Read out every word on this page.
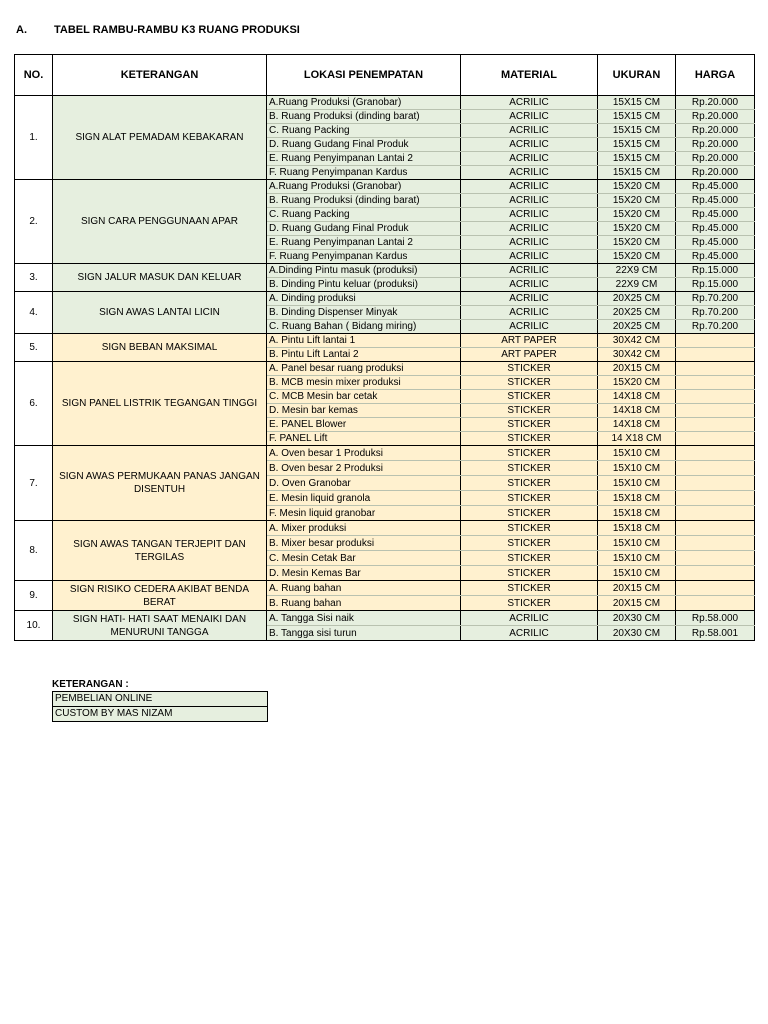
A. TABEL RAMBU-RAMBU K3 RUANG PRODUKSI
NO.	KETERANGAN	LOKASI PENEMPATAN	MATERIAL	UKURAN	HARGA
1.	SIGN ALAT PEMADAM KEBAKARAN	A.Ruang Produksi (Granobar)	ACRILIC	15X15 CM	Rp.20.000
		B. Ruang Produksi (dinding barat)	ACRILIC	15X15 CM	Rp.20.000
		C. Ruang Packing	ACRILIC	15X15 CM	Rp.20.000
		D. Ruang Gudang Final Produk	ACRILIC	15X15 CM	Rp.20.000
		E. Ruang Penyimpanan Lantai 2	ACRILIC	15X15 CM	Rp.20.000
		F. Ruang Penyimpanan Kardus	ACRILIC	15X15 CM	Rp.20.000
2.	SIGN CARA PENGGUNAAN APAR	A.Ruang Produksi (Granobar)	ACRILIC	15X20 CM	Rp.45.000
		B. Ruang Produksi (dinding barat)	ACRILIC	15X20 CM	Rp.45.000
		C. Ruang Packing	ACRILIC	15X20 CM	Rp.45.000
		D. Ruang Gudang Final Produk	ACRILIC	15X20 CM	Rp.45.000
		E. Ruang Penyimpanan Lantai 2	ACRILIC	15X20 CM	Rp.45.000
		F. Ruang Penyimpanan Kardus	ACRILIC	15X20 CM	Rp.45.000
3.	SIGN JALUR MASUK DAN KELUAR	A.Dinding Pintu masuk (produksi)	ACRILIC	22X9 CM	Rp.15.000
		B. Dinding Pintu keluar (produksi)	ACRILIC	22X9 CM	Rp.15.000
4.	SIGN AWAS LANTAI LICIN	A. Dinding produksi	ACRILIC	20X25 CM	Rp.70.200
		B. Dinding Dispenser Minyak	ACRILIC	20X25 CM	Rp.70.200
		C. Ruang Bahan ( Bidang miring)	ACRILIC	20X25 CM	Rp.70.200
5.	SIGN BEBAN MAKSIMAL	A. Pintu Lift lantai 1	ART PAPER	30X42 CM	
		B. Pintu Lift Lantai 2	ART PAPER	30X42 CM	
6.	SIGN PANEL LISTRIK TEGANGAN TINGGI	A. Panel besar ruang produksi	STICKER	20X15 CM	
		B. MCB mesin mixer produksi	STICKER	15X20 CM	
		C. MCB Mesin bar cetak	STICKER	14X18 CM	
		D. Mesin bar kemas	STICKER	14X18 CM	
		E. PANEL Blower	STICKER	14X18 CM	
		F. PANEL Lift	STICKER	14 X18 CM	
7.	SIGN AWAS PERMUKAAN PANAS JANGAN DISENTUH	A. Oven besar 1 Produksi	STICKER	15X10 CM	
		B. Oven besar 2 Produksi	STICKER	15X10 CM	
		D. Oven Granobar	STICKER	15X10 CM	
		E. Mesin liquid granola	STICKER	15X18 CM	
		F. Mesin liquid granobar	STICKER	15X18 CM	
8.	SIGN AWAS TANGAN TERJEPIT DAN TERGILAS	A. Mixer produksi	STICKER	15X18 CM	
		B. Mixer besar produksi	STICKER	15X10 CM	
		C. Mesin Cetak Bar	STICKER	15X10 CM	
		D. Mesin Kemas Bar	STICKER	15X10 CM	
9.	SIGN RISIKO CEDERA AKIBAT BENDA BERAT	A. Ruang bahan	STICKER	20X15 CM	
		B. Ruang bahan	STICKER	20X15 CM	
10.	SIGN HATI- HATI SAAT MENAIKI DAN MENURUNI TANGGA	A. Tangga Sisi naik	ACRILIC	20X30 CM	Rp.58.000
		B. Tangga sisi turun	ACRILIC	20X30 CM	Rp.58.001
KETERANGAN :
PEMBELIAN ONLINE
CUSTOM BY MAS NIZAM
